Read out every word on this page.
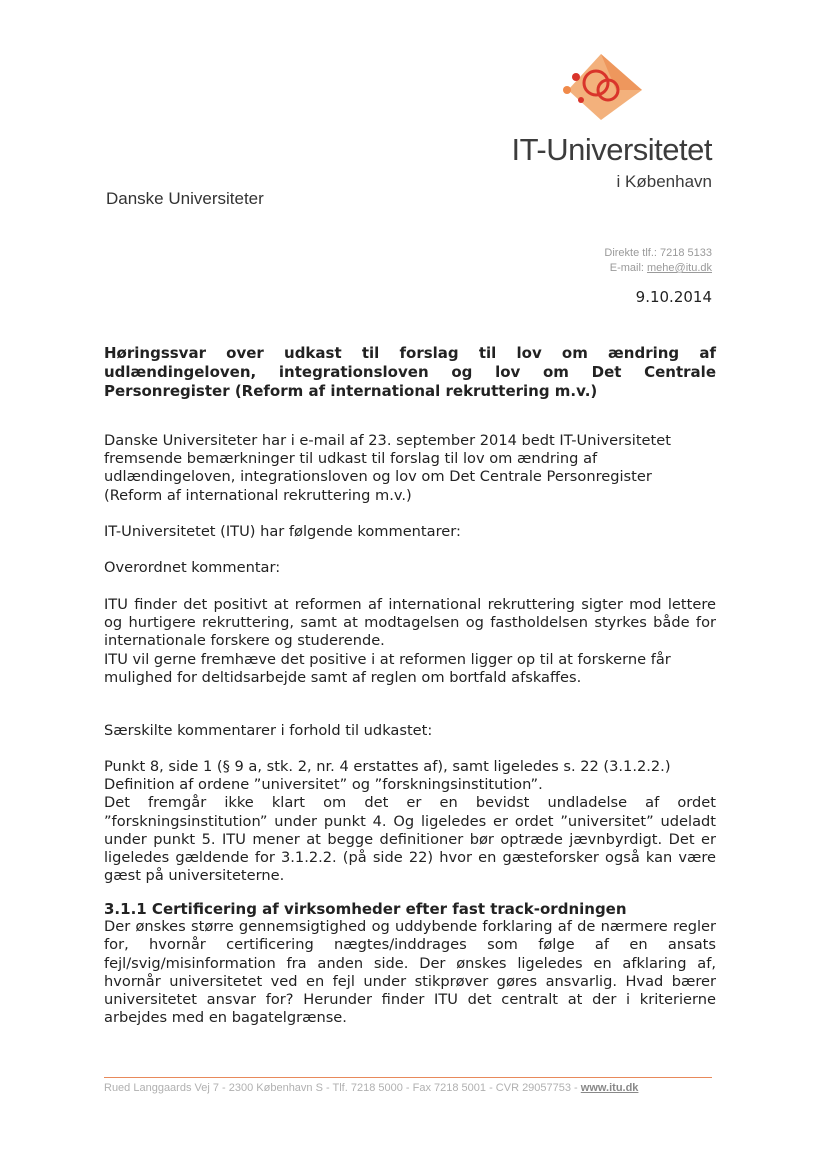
IT-Universitetet
i København
Danske Universiteter
Direkte tlf.: 7218 5133
E-mail: mehe@itu.dk
9.10.2014
Høringssvar over udkast til forslag til lov om ændring af udlændingeloven, integrationsloven og lov om Det Centrale Personregister (Reform af international rekruttering m.v.)
Danske Universiteter har i e-mail af 23. september 2014 bedt IT-Universitetet
fremsende bemærkninger til udkast til forslag til lov om ændring af
udlændingeloven, integrationsloven og lov om Det Centrale Personregister
(Reform af international rekruttering m.v.)

IT-Universitetet (ITU) har følgende kommentarer:

Overordnet kommentar:

ITU finder det positivt at reformen af international rekruttering sigter mod lettere og hurtigere rekruttering, samt at modtagelsen og fastholdelsen styrkes både for internationale forskere og studerende.

ITU vil gerne fremhæve det positive i at reformen ligger op til at forskerne får mulighed for deltidsarbejde samt af reglen om bortfald afskaffes.

Særskilte kommentarer i forhold til udkastet:

Punkt 8, side 1 (§ 9 a, stk. 2, nr. 4 erstattes af), samt ligeledes s. 22 (3.1.2.2.)

Definition af ordene ”universitet” og ”forskningsinstitution”.

Det fremgår ikke klart om det er en bevidst undladelse af ordet ”forskningsinstitution” under punkt 4. Og ligeledes er ordet ”universitet” udeladt under punkt 5. ITU mener at begge definitioner bør optræde jævnbyrdigt. Det er ligeledes gældende for 3.1.2.2. (på side 22) hvor en gæsteforsker også kan være gæst på universiteterne.

3.1.1 Certificering af virksomheder efter fast track-ordningen

Der ønskes større gennemsigtighed og uddybende forklaring af de nærmere regler for, hvornår certificering nægtes/inddrages som følge af en ansats fejl/svig/misinformation fra anden side. Der ønskes ligeledes en afklaring af, hvornår universitetet ved en fejl under stikprøver gøres ansvarlig. Hvad bærer universitetet ansvar for? Herunder finder ITU det centralt at der i kriterierne arbejdes med en bagatelgrænse.

Rued Langgaards Vej 7 - 2300 København S - Tlf. 7218 5000 - Fax 7218 5001 - CVR 29057753 - www.itu.dk
